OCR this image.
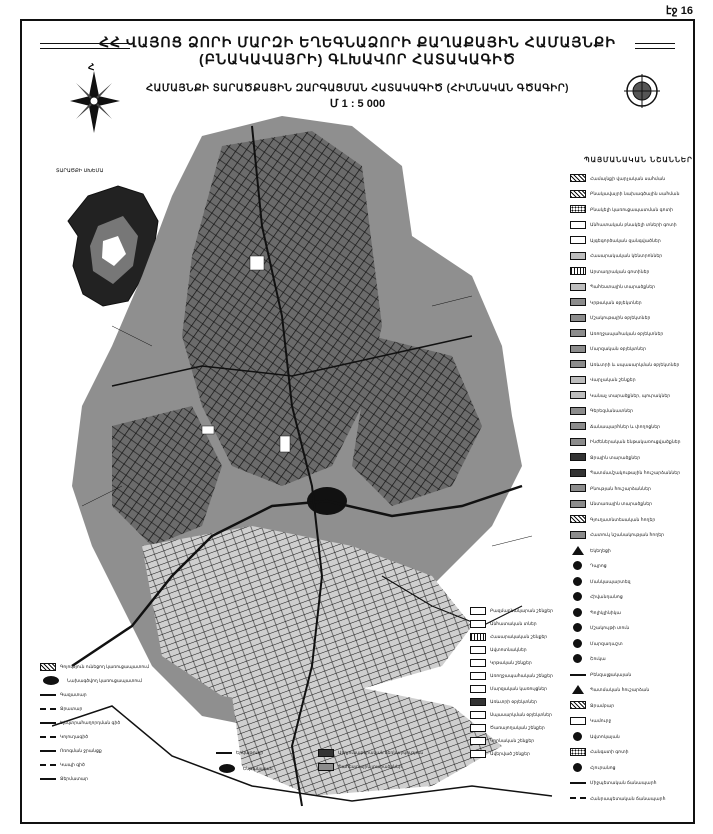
էջ 16
ՀՀ ՎԱՅՈՑ ՁՈՐԻ ՄԱՐԶԻ ԵՂԵԳՆԱՁՈՐԻ ՔԱՂԱՔԱՅԻՆ ՀԱՄԱՅՆՔԻ
(ԲՆԱԿԱՎԱՅՐԻ) ԳԼԽԱՎՈՐ ՀԱՏԱԿԱԳԻԾ
ՀԱՄԱՅՆՔԻ ՏԱՐԱԾՔԱՅԻՆ ԶԱՐԳԱՑՄԱՆ ՀԱՏԱԿԱԳԻԾ (ՀԻՄՆԱԿԱՆ ԳԾԱԳԻՐ)
Մ 1 : 5 000
Հ
ՏԱՐԱԾՔԻ ՍԽԵՄԱ
ՊԱՅՄԱՆԱԿԱՆ ՆՇԱՆՆԵՐ
Համայնքի վարչական սահման
Բնակավայրի նախագծային սահման
Բնակելի կառուցապատման գոտի
Անհատական բնակելի տների գոտի
Այգեգործական զանգվածներ
Հասարակական կենտրոններ
Արտադրական գոտիներ
Պահեստային տարածքներ
Կրթական օբյեկտներ
Մշակութային օբյեկտներ
Առողջապահական օբյեկտներ
Մարզական օբյեկտներ
Առևտրի և սպասարկման օբյեկտներ
Վարչական շենքեր
Կանաչ տարածքներ, պուրակներ
Գերեզմանատներ
Ճանապարհներ և փողոցներ
Ինժեներական ենթակառուցվածքներ
Ջրային տարածքներ
Պատմամշակութային հուշարձաններ
Բնության հուշարձաններ
Անտառային տարածքներ
Գյուղատնտեսական հողեր
Հատուկ նշանակության հողեր
Եկեղեցի
Դպրոց
Մանկապարտեզ
Հիվանդանոց
Պոլիկլինիկա
Մշակույթի տուն
Մարզադաշտ
Շուկա
Բենզալցակայան
Պատմական հուշարձան
Ջրամբար
Կամուրջ
Ավտոկայան
Հանգստի գոտի
Հյուրանոց
Միջպետական ճանապարհ
Հանրապետական ճանապարհ
Գոյություն ունեցող կառուցապատում
Նախագծվող կառուցապատում
Գազատար
Ջրատար
Էլեկտրահաղորդման գիծ
Կոյուղագիծ
Ոռոգման ջրանցք
Կապի գիծ
Ջերմատար
Երկաթուղի
Ենթակայան
Արդյունաբերական ձեռնարկություն
Պահեստային տարածքներ
Բազմաբնակարան շենքեր
Անհատական տներ
Հասարակական շենքեր
Ավտոտնակներ
Կրթական շենքեր
Առողջապահական շենքեր
Մարզական կառույցներ
Առևտրի օբյեկտներ
Սպասարկման օբյեկտներ
Ծառայողական շենքեր
Կրոնական շենքեր
Ավերված շենքեր
